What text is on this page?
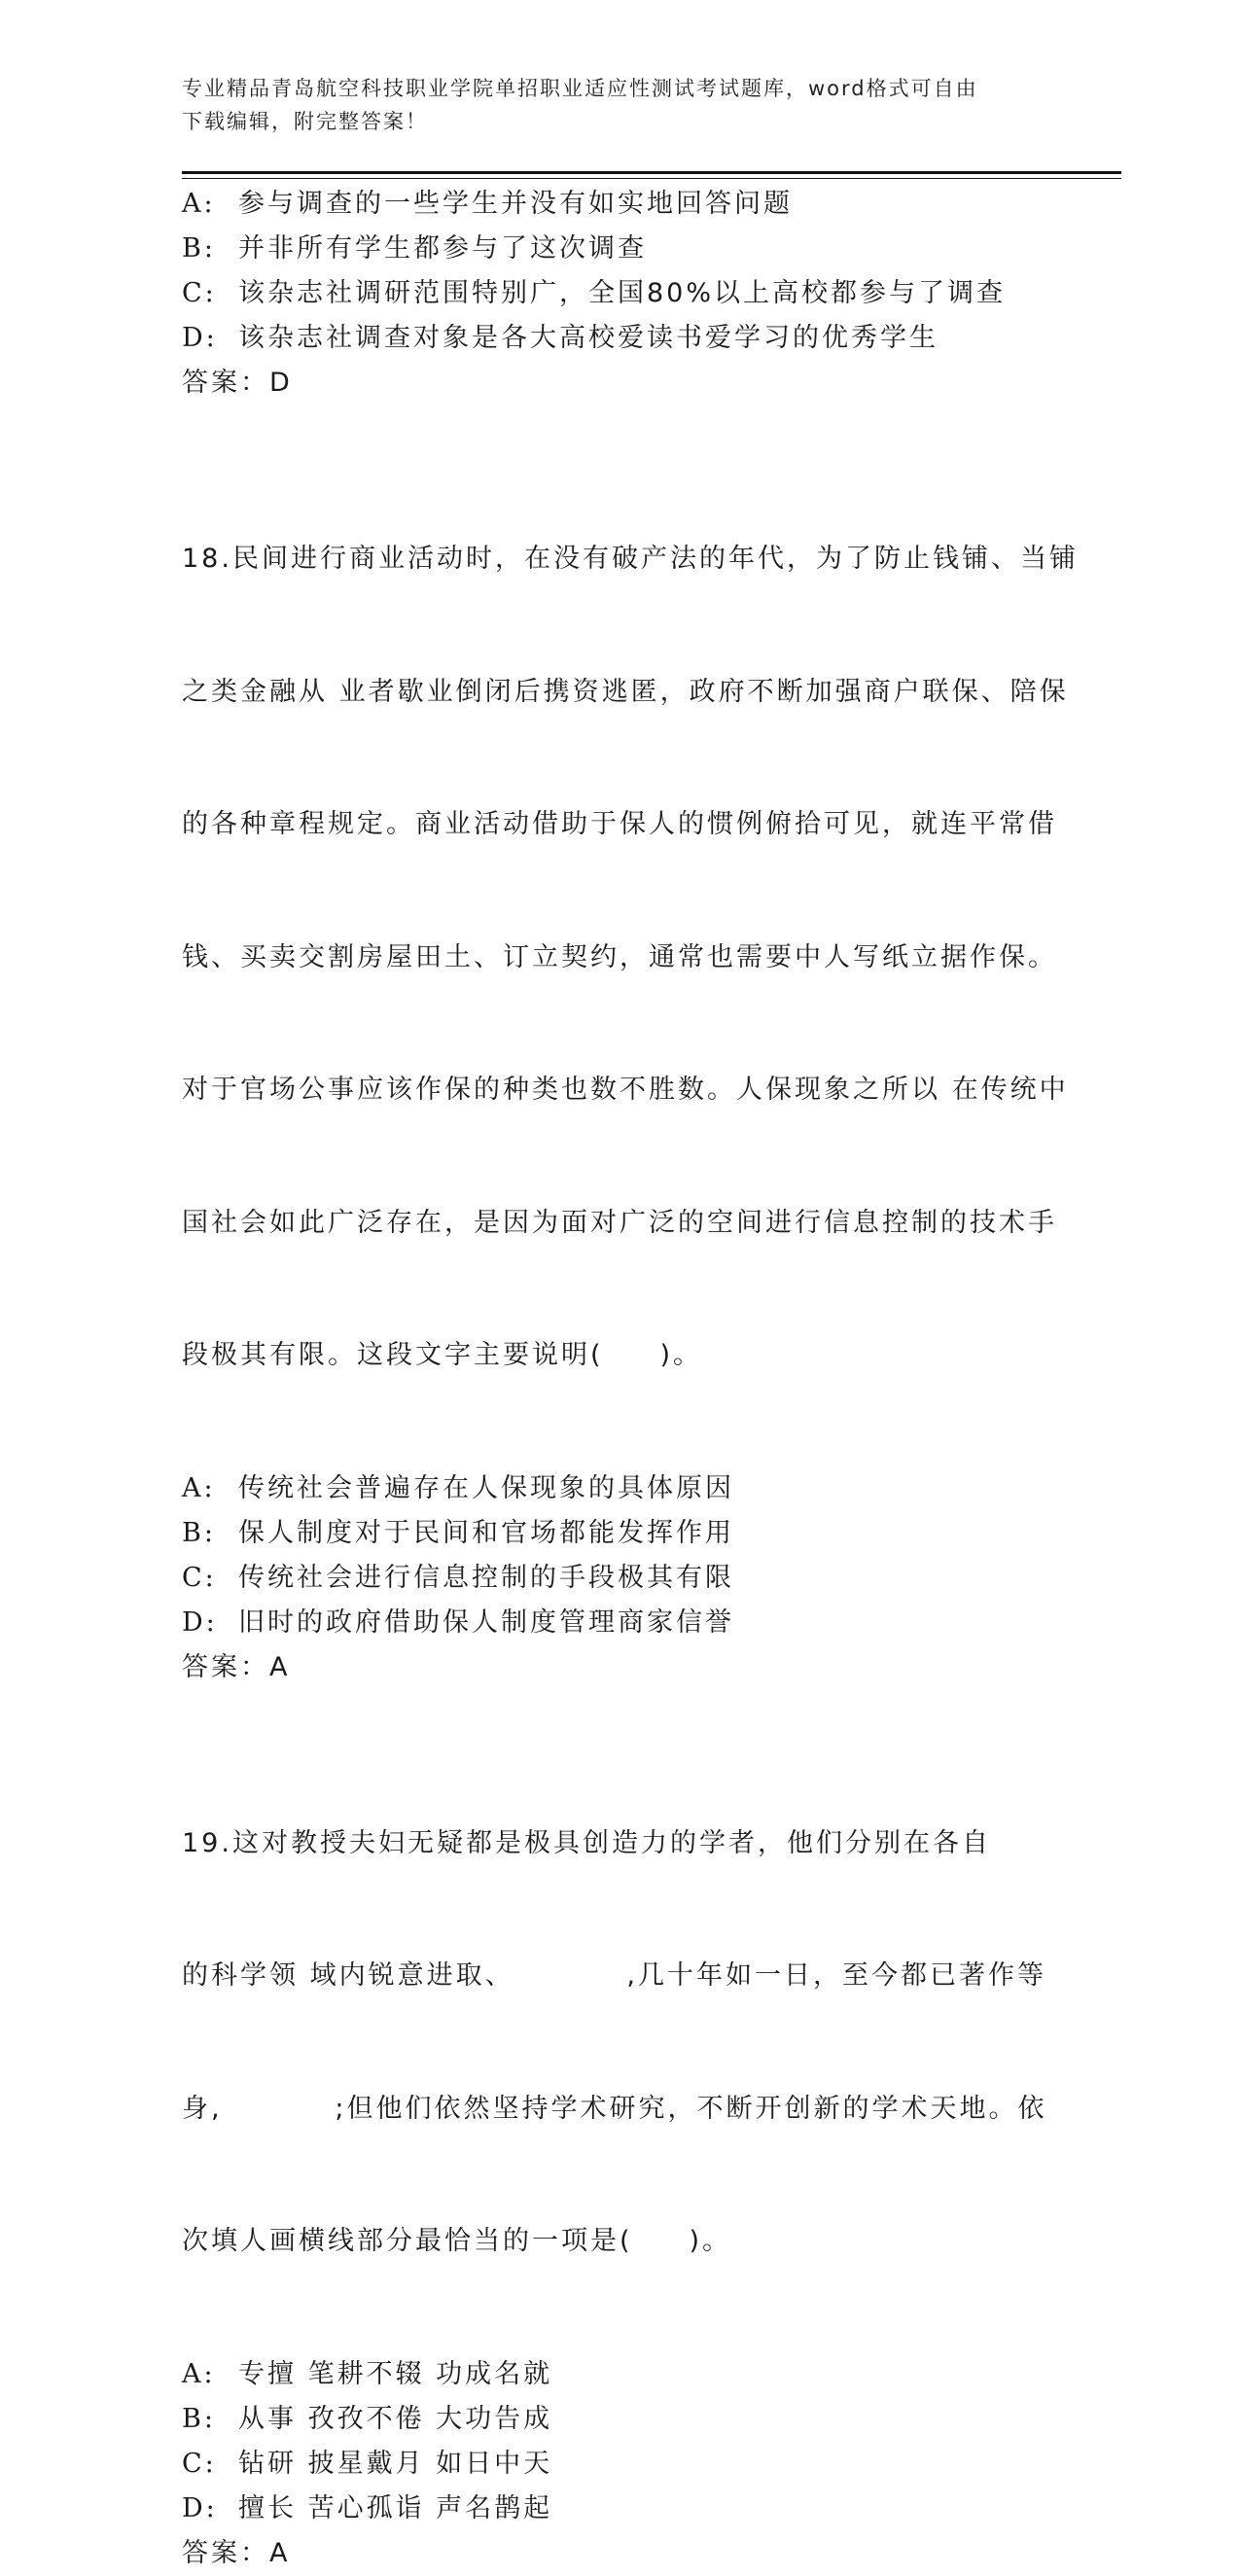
专业精品青岛航空科技职业学院单招职业适应性测试考试题库，word格式可自由
下载编辑，附完整答案！
A: 参与调查的一些学生并没有如实地回答问题
B: 并非所有学生都参与了这次调查
C: 该杂志社调研范围特别广，全国80%以上高校都参与了调查
D: 该杂志社调查对象是各大高校爱读书爱学习的优秀学生
答案：D

18.民间进行商业活动时，在没有破产法的年代，为了防止钱铺、当铺

之类金融从 业者歇业倒闭后携资逃匿，政府不断加强商户联保、陪保

的各种章程规定。商业活动借助于保人的惯例俯拾可见，就连平常借

钱、买卖交割房屋田土、订立契约，通常也需要中人写纸立据作保。

对于官场公事应该作保的种类也数不胜数。人保现象之所以 在传统中

国社会如此广泛存在，是因为面对广泛的空间进行信息控制的技术手

段极其有限。这段文字主要说明(     )。

A: 传统社会普遍存在人保现象的具体原因
B: 保人制度对于民间和官场都能发挥作用
C: 传统社会进行信息控制的手段极其有限
D: 旧时的政府借助保人制度管理商家信誉
答案：A

19.这对教授夫妇无疑都是极具创造力的学者，他们分别在各自

的科学领 域内锐意进取、          ,几十年如一日，至今都已著作等

身,          ;但他们依然坚持学术研究，不断开创新的学术天地。依

次填人画横线部分最恰当的一项是(     )。

A: 专擅 笔耕不辍 功成名就
B: 从事 孜孜不倦 大功告成
C: 钻研 披星戴月 如日中天
D: 擅长 苦心孤诣 声名鹊起
答案：A
